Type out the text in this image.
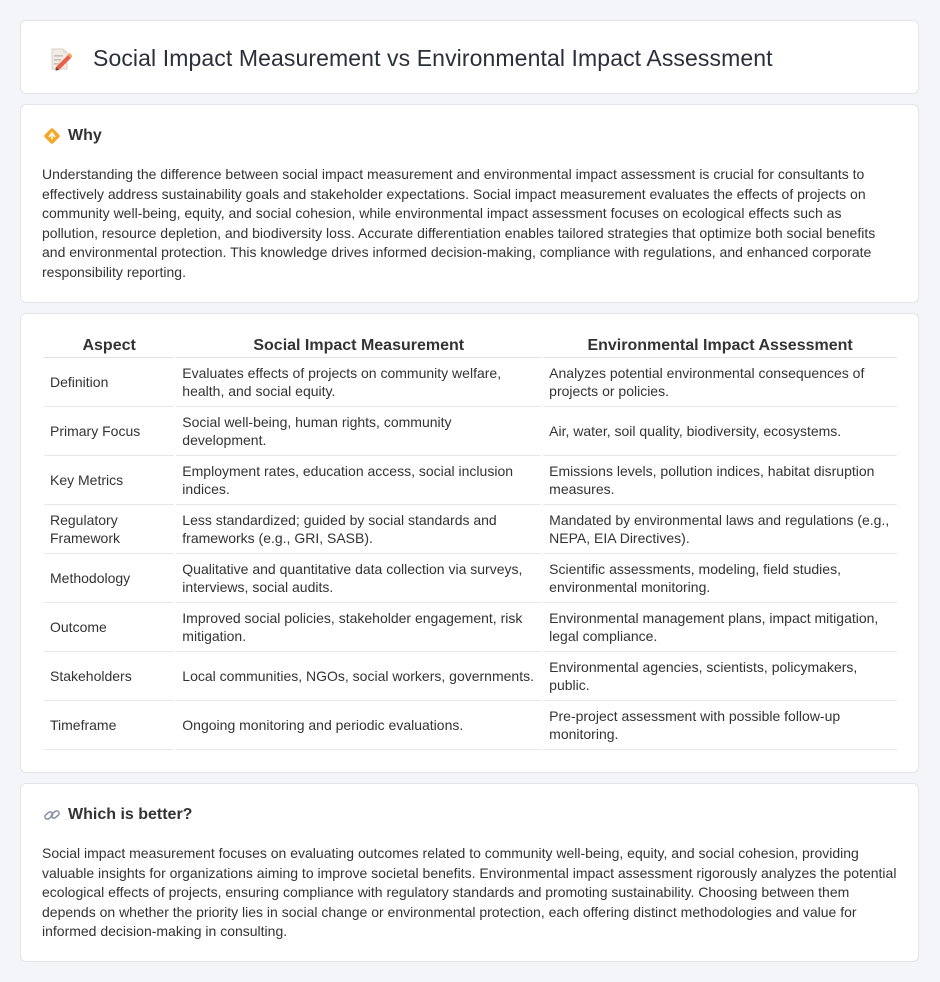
Social Impact Measurement vs Environmental Impact Assessment
Why

Understanding the difference between social impact measurement and environmental impact assessment is crucial for consultants to effectively address sustainability goals and stakeholder expectations. Social impact measurement evaluates the effects of projects on community well-being, equity, and social cohesion, while environmental impact assessment focuses on ecological effects such as pollution, resource depletion, and biodiversity loss. Accurate differentiation enables tailored strategies that optimize both social benefits and environmental protection. This knowledge drives informed decision-making, compliance with regulations, and enhanced corporate responsibility reporting.

Aspect	Social Impact Measurement	Environmental Impact Assessment
Definition	Evaluates effects of projects on community welfare, health, and social equity.	Analyzes potential environmental consequences of projects or policies.
Primary Focus	Social well-being, human rights, community development.	Air, water, soil quality, biodiversity, ecosystems.
Key Metrics	Employment rates, education access, social inclusion indices.	Emissions levels, pollution indices, habitat disruption measures.
Regulatory Framework	Less standardized; guided by social standards and frameworks (e.g., GRI, SASB).	Mandated by environmental laws and regulations (e.g., NEPA, EIA Directives).
Methodology	Qualitative and quantitative data collection via surveys, interviews, social audits.	Scientific assessments, modeling, field studies, environmental monitoring.
Outcome	Improved social policies, stakeholder engagement, risk mitigation.	Environmental management plans, impact mitigation, legal compliance.
Stakeholders	Local communities, NGOs, social workers, governments.	Environmental agencies, scientists, policymakers, public.
Timeframe	Ongoing monitoring and periodic evaluations.	Pre-project assessment with possible follow-up monitoring.
Which is better?

Social impact measurement focuses on evaluating outcomes related to community well-being, equity, and social cohesion, providing valuable insights for organizations aiming to improve societal benefits. Environmental impact assessment rigorously analyzes the potential ecological effects of projects, ensuring compliance with regulatory standards and promoting sustainability. Choosing between them depends on whether the priority lies in social change or environmental protection, each offering distinct methodologies and value for informed decision-making in consulting.
